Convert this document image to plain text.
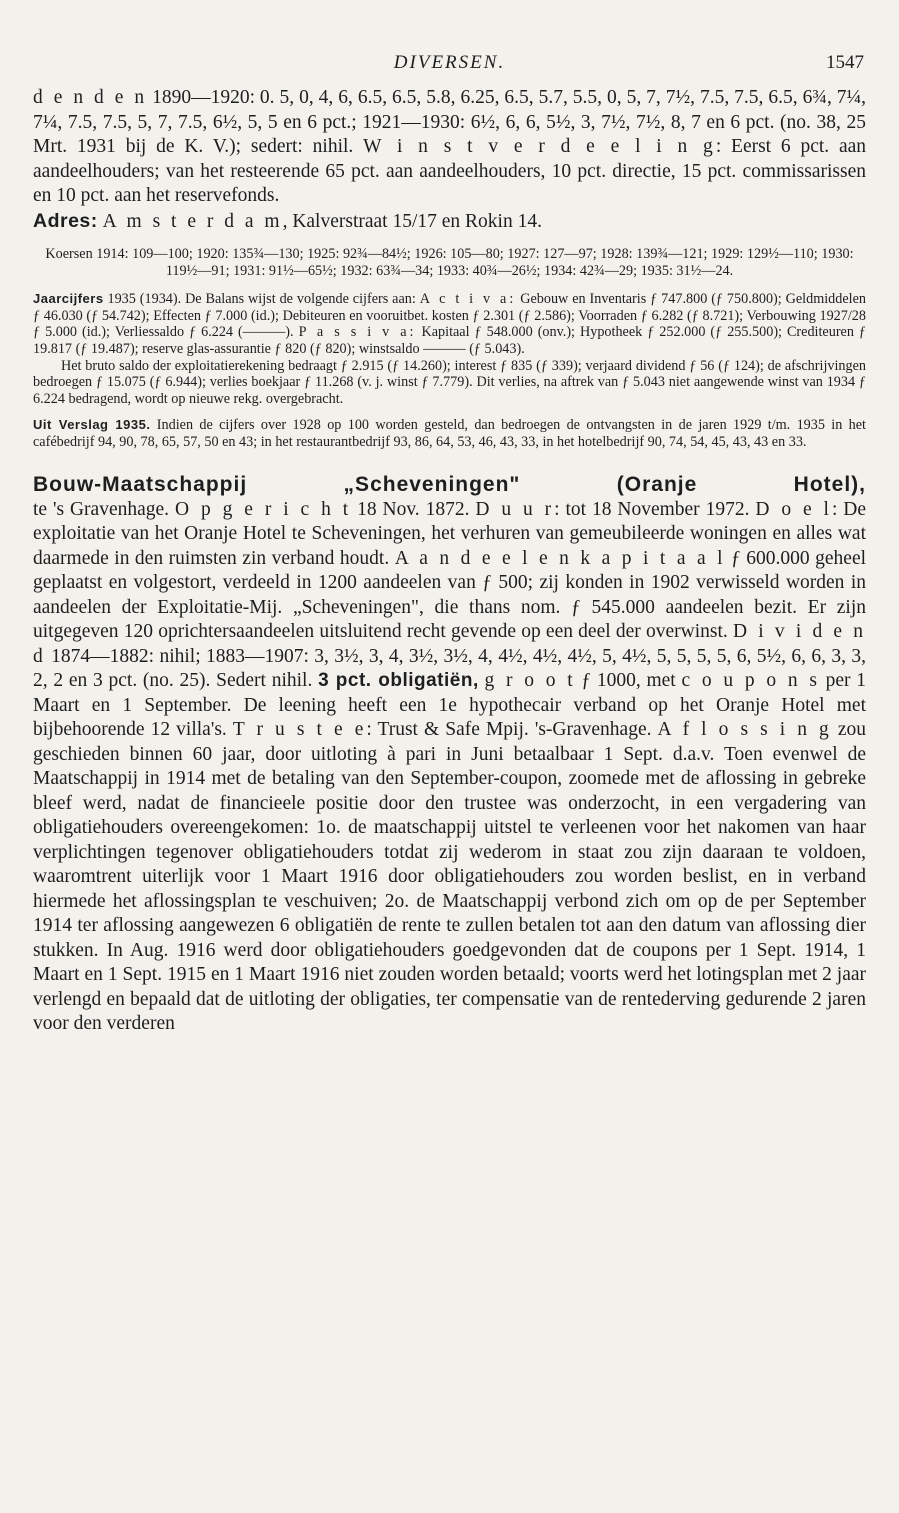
DIVERSEN.	1547

d e n d e n 1890—1920: 0. 5, 0, 4, 6, 6.5, 6.5, 5.8, 6.25, 6.5, 5.7, 5.5, 0, 5, 7, 7½, 7.5, 7.5, 6.5, 6¾, 7¼, 7¼, 7.5, 7.5, 5, 7, 7.5, 6½, 5, 5 en 6 pct.; 1921—1930: 6½, 6, 6, 5½, 3, 7½, 7½, 8, 7 en 6 pct. (no. 38, 25 Mrt. 1931 bij de K. V.); sedert: nihil. W i n s t v e r d e e l i n g: Eerst 6 pct. aan aandeelhouders; van het resteerende 65 pct. aan aandeelhouders, 10 pct. directie, 15 pct. commissarissen en 10 pct. aan het reservefonds.

Adres: A m s t e r d a m, Kalverstraat 15/17 en Rokin 14.

Koersen 1914: 109—100; 1920: 135¾—130; 1925: 92¾—84½; 1926: 105—80; 1927: 127—97; 1928: 139¾—121; 1929: 129½—110; 1930: 119½—91; 1931: 91½—65½; 1932: 63¾—34; 1933: 40¾—26½; 1934: 42¾—29; 1935: 31½—24.

Jaarcijfers 1935 (1934). De Balans wijst de volgende cijfers aan: A c t i v a: Gebouw en Inventaris ƒ 747.800 (ƒ 750.800); Geldmiddelen ƒ 46.030 (ƒ 54.742); Effecten ƒ 7.000 (id.); Debiteuren en vooruitbet. kosten ƒ 2.301 (ƒ 2.586); Voorraden ƒ 6.282 (ƒ 8.721); Verbouwing 1927/28 ƒ 5.000 (id.); Verliessaldo ƒ 6.224 (———). P a s s i v a: Kapitaal ƒ 548.000 (onv.); Hypotheek ƒ 252.000 (ƒ 255.500); Crediteuren ƒ 19.817 (ƒ 19.487); reserve glas-assurantie ƒ 820 (ƒ 820); winstsaldo ——— (ƒ 5.043).

Het bruto saldo der exploitatierekening bedraagt ƒ 2.915 (ƒ 14.260); interest ƒ 835 (ƒ 339); verjaard dividend ƒ 56 (ƒ 124); de afschrijvingen bedroegen ƒ 15.075 (ƒ 6.944); verlies boekjaar ƒ 11.268 (v. j. winst ƒ 7.779). Dit verlies, na aftrek van ƒ 5.043 niet aangewende winst van 1934 ƒ 6.224 bedragend, wordt op nieuwe rekg. overgebracht.

Uit Verslag 1935. Indien de cijfers over 1928 op 100 worden gesteld, dan bedroegen de ontvangsten in de jaren 1929 t/m. 1935 in het cafébedrijf 94, 90, 78, 65, 57, 50 en 43; in het restaurantbedrijf 93, 86, 64, 53, 46, 43, 33, in het hotelbedrijf 90, 74, 54, 45, 43, 43 en 33.

Bouw-Maatschappij „Scheveningen" (Oranje Hotel),

te 's Gravenhage. O p g e r i c h t 18 Nov. 1872. D u u r: tot 18 November 1972. D o e l: De exploitatie van het Oranje Hotel te Scheveningen, het verhuren van gemeubileerde woningen en alles wat daarmede in den ruimsten zin verband houdt. A a n d e e l e n k a p i t a a l ƒ 600.000 geheel geplaatst en volgestort, verdeeld in 1200 aandeelen van ƒ 500; zij konden in 1902 verwisseld worden in aandeelen der Exploitatie-Mij. „Scheveningen", die thans nom. ƒ 545.000 aandeelen bezit. Er zijn uitgegeven 120 oprichtersaandeelen uitsluitend recht gevende op een deel der overwinst. D i v i d e n d 1874—1882: nihil; 1883—1907: 3, 3½, 3, 4, 3½, 3½, 4, 4½, 4½, 4½, 5, 4½, 5, 5, 5, 5, 6, 5½, 6, 6, 3, 3, 2, 2 en 3 pct. (no. 25). Sedert nihil. 3 pct. obligatiën, g r o o t ƒ 1000, met c o u p o n s per 1 Maart en 1 September. De leening heeft een 1e hypothecair verband op het Oranje Hotel met bijbehoorende 12 villa's. T r u s t e e: Trust & Safe Mpij. 's-Gravenhage. A f l o s s i n g zou geschieden binnen 60 jaar, door uitloting à pari in Juni betaalbaar 1 Sept. d.a.v. Toen evenwel de Maatschappij in 1914 met de betaling van den September-coupon, zoomede met de aflossing in gebreke bleef werd, nadat de financieele positie door den trustee was onderzocht, in een vergadering van obligatiehouders overeengekomen: 1o. de maatschappij uitstel te verleenen voor het nakomen van haar verplichtingen tegenover obligatiehouders totdat zij wederom in staat zou zijn daaraan te voldoen, waaromtrent uiterlijk voor 1 Maart 1916 door obligatiehouders zou worden beslist, en in verband hiermede het aflossingsplan te veschuiven; 2o. de Maatschappij verbond zich om op de per September 1914 ter aflossing aangewezen 6 obligatiën de rente te zullen betalen tot aan den datum van aflossing dier stukken. In Aug. 1916 werd door obligatiehouders goedgevonden dat de coupons per 1 Sept. 1914, 1 Maart en 1 Sept. 1915 en 1 Maart 1916 niet zouden worden betaald; voorts werd het lotingsplan met 2 jaar verlengd en bepaald dat de uitloting der obligaties, ter compensatie van de rentederving gedurende 2 jaren voor den verderen
